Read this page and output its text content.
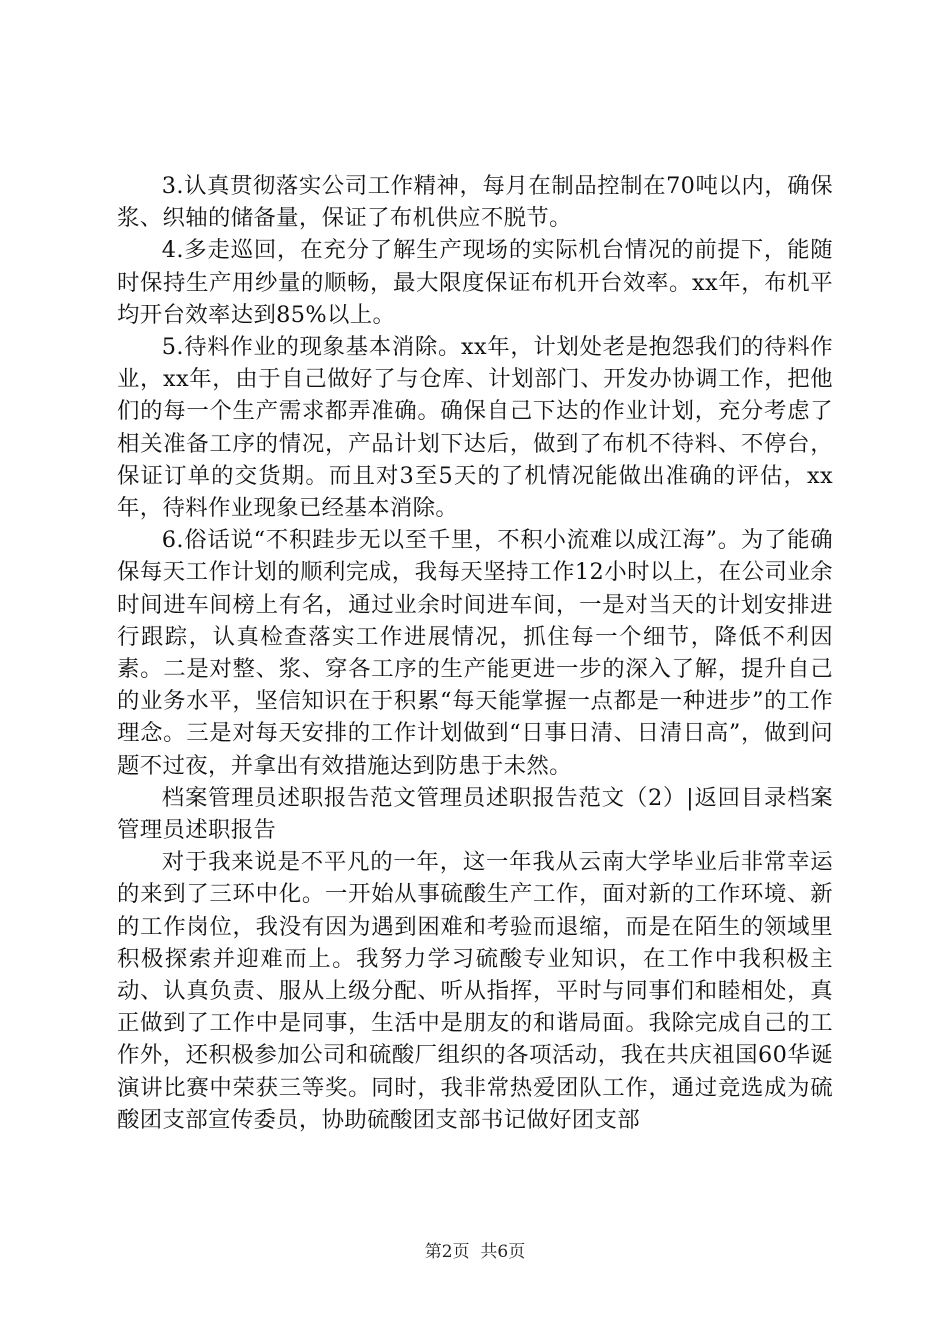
3.认真贯彻落实公司工作精神，每月在制品控制在70吨以内，确保浆、织轴的储备量，保证了布机供应不脱节。

4.多走巡回，在充分了解生产现场的实际机台情况的前提下，能随时保持生产用纱量的顺畅，最大限度保证布机开台效率。xx年，布机平均开台效率达到85%以上。

5.待料作业的现象基本消除。xx年，计划处老是抱怨我们的待料作业，xx年，由于自己做好了与仓库、计划部门、开发办协调工作，把他们的每一个生产需求都弄准确。确保自己下达的作业计划，充分考虑了相关准备工序的情况，产品计划下达后，做到了布机不待料、不停台，保证订单的交货期。而且对3至5天的了机情况能做出准确的评估，xx年，待料作业现象已经基本消除。

6.俗话说“不积跬步无以至千里，不积小流难以成江海”。为了能确保每天工作计划的顺利完成，我每天坚持工作12小时以上，在公司业余时间进车间榜上有名，通过业余时间进车间，一是对当天的计划安排进行跟踪，认真检查落实工作进展情况，抓住每一个细节，降低不利因素。二是对整、浆、穿各工序的生产能更进一步的深入了解，提升自己的业务水平，坚信知识在于积累“每天能掌握一点都是一种进步”的工作理念。三是对每天安排的工作计划做到“日事日清、日清日高”，做到问题不过夜，并拿出有效措施达到防患于未然。

档案管理员述职报告范文管理员述职报告范文（2）|返回目录档案管理员述职报告

对于我来说是不平凡的一年，这一年我从云南大学毕业后非常幸运的来到了三环中化。一开始从事硫酸生产工作，面对新的工作环境、新的工作岗位，我没有因为遇到困难和考验而退缩，而是在陌生的领域里积极探索并迎难而上。我努力学习硫酸专业知识，在工作中我积极主动、认真负责、服从上级分配、听从指挥，平时与同事们和睦相处，真正做到了工作中是同事，生活中是朋友的和谐局面。我除完成自己的工作外，还积极参加公司和硫酸厂组织的各项活动，我在共庆祖国60华诞演讲比赛中荣获三等奖。同时，我非常热爱团队工作，通过竞选成为硫酸团支部宣传委员，协助硫酸团支部书记做好团支部

第2页 共6页
